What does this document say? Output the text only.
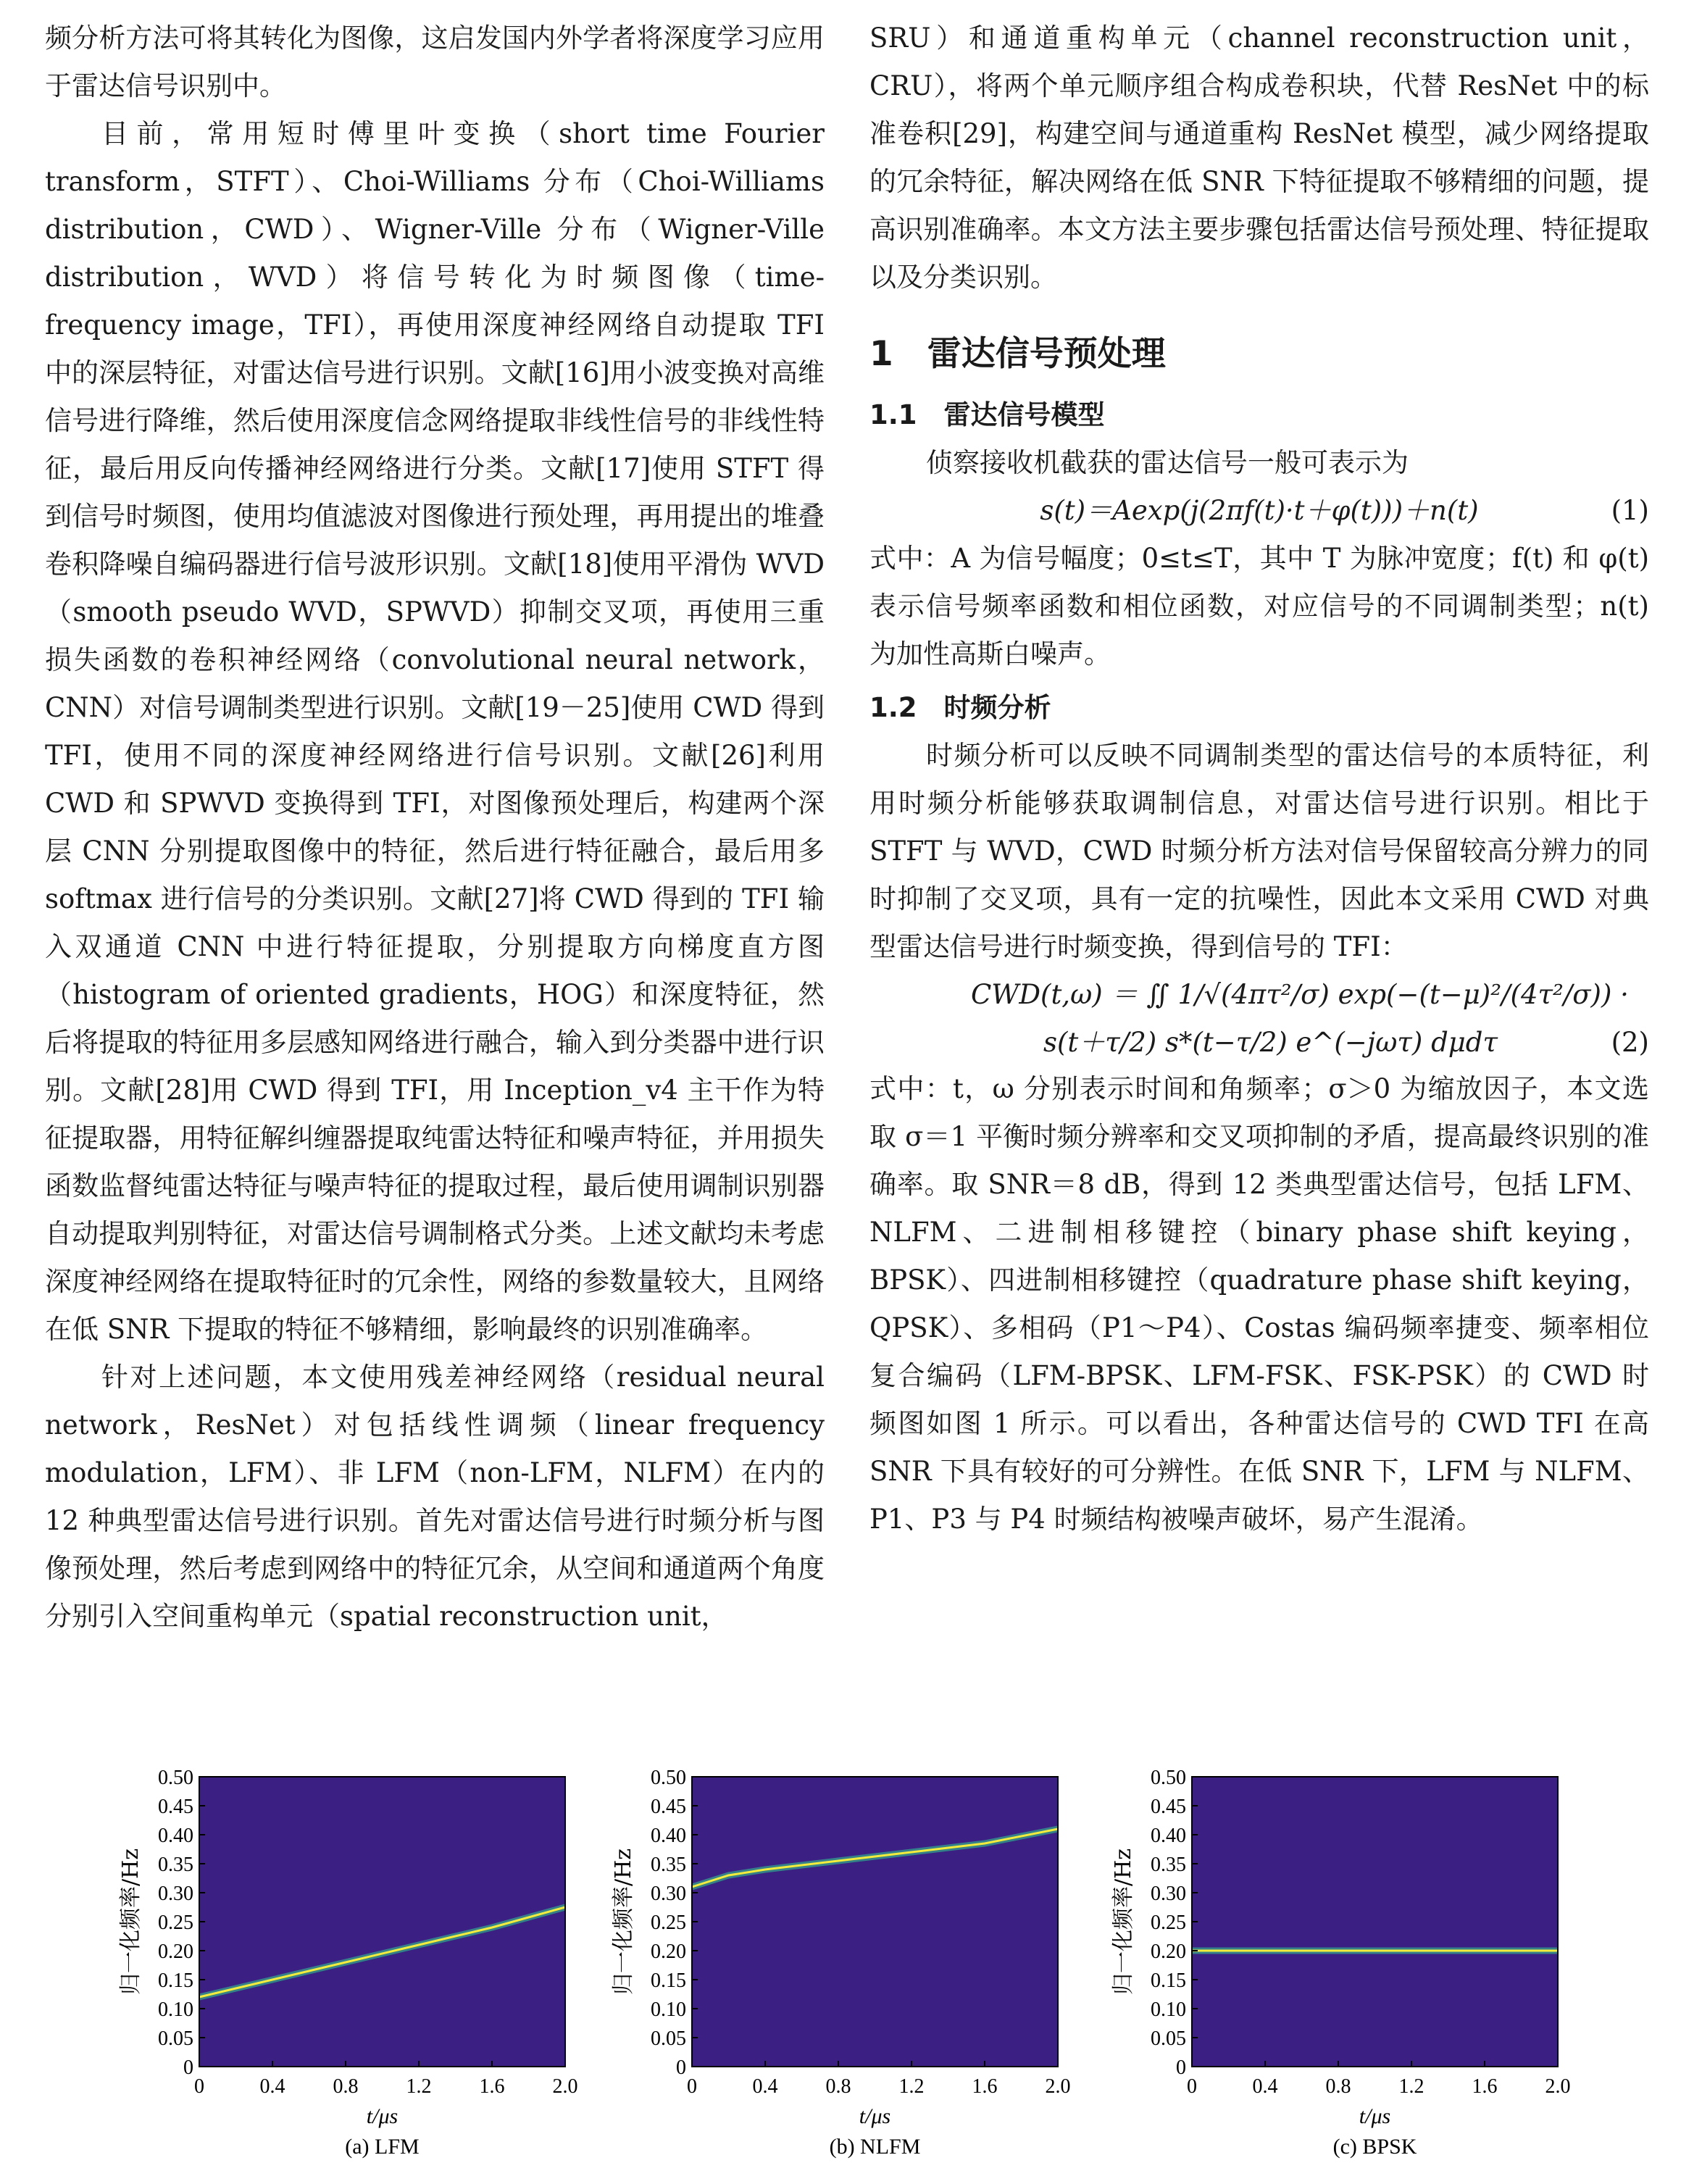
频分析方法可将其转化为图像，这启发国内外学者将深度学习应用于雷达信号识别中。

目前，常用短时傅里叶变换（short time Fourier transform，STFT）、Choi-Williams 分布（Choi-Williams distribution，CWD）、Wigner-Ville 分布（Wigner-Ville distribution，WVD）将信号转化为时频图像（time-frequency image，TFI），再使用深度神经网络自动提取 TFI 中的深层特征，对雷达信号进行识别。文献[16]用小波变换对高维信号进行降维，然后使用深度信念网络提取非线性信号的非线性特征，最后用反向传播神经网络进行分类。文献[17]使用 STFT 得到信号时频图，使用均值滤波对图像进行预处理，再用提出的堆叠卷积降噪自编码器进行信号波形识别。文献[18]使用平滑伪 WVD（smooth pseudo WVD，SPWVD）抑制交叉项，再使用三重损失函数的卷积神经网络（convolutional neural network，CNN）对信号调制类型进行识别。文献[19－25]使用 CWD 得到 TFI，使用不同的深度神经网络进行信号识别。文献[26]利用 CWD 和 SPWVD 变换得到 TFI，对图像预处理后，构建两个深层 CNN 分别提取图像中的特征，然后进行特征融合，最后用多 softmax 进行信号的分类识别。文献[27]将 CWD 得到的 TFI 输入双通道 CNN 中进行特征提取，分别提取方向梯度直方图（histogram of oriented gradients，HOG）和深度特征，然后将提取的特征用多层感知网络进行融合，输入到分类器中进行识别。文献[28]用 CWD 得到 TFI，用 Inception_v4 主干作为特征提取器，用特征解纠缠器提取纯雷达特征和噪声特征，并用损失函数监督纯雷达特征与噪声特征的提取过程，最后使用调制识别器自动提取判别特征，对雷达信号调制格式分类。上述文献均未考虑深度神经网络在提取特征时的冗余性，网络的参数量较大，且网络在低 SNR 下提取的特征不够精细，影响最终的识别准确率。

针对上述问题，本文使用残差神经网络（residual neural network，ResNet）对包括线性调频（linear frequency modulation，LFM）、非 LFM（non-LFM，NLFM）在内的 12 种典型雷达信号进行识别。首先对雷达信号进行时频分析与图像预处理，然后考虑到网络中的特征冗余，从空间和通道两个角度分别引入空间重构单元（spatial reconstruction unit，

SRU）和通道重构单元（channel reconstruction unit，CRU），将两个单元顺序组合构成卷积块，代替 ResNet 中的标准卷积[29]，构建空间与通道重构 ResNet 模型，减少网络提取的冗余特征，解决网络在低 SNR 下特征提取不够精细的问题，提高识别准确率。本文方法主要步骤包括雷达信号预处理、特征提取以及分类识别。

1　雷达信号预处理
1.1　雷达信号模型

侦察接收机截获的雷达信号一般可表示为

s(t)＝Aexp(j(2πf(t)·t＋φ(t)))＋n(t)	(1)

式中：A 为信号幅度；0≤t≤T，其中 T 为脉冲宽度；f(t) 和 φ(t) 表示信号频率函数和相位函数，对应信号的不同调制类型；n(t) 为加性高斯白噪声。

1.2　时频分析

时频分析可以反映不同调制类型的雷达信号的本质特征，利用时频分析能够获取调制信息，对雷达信号进行识别。相比于 STFT 与 WVD，CWD 时频分析方法对信号保留较高分辨力的同时抑制了交叉项，具有一定的抗噪性，因此本文采用 CWD 对典型雷达信号进行时频变换，得到信号的 TFI：

CWD(t,ω) ＝ ∬ 1/√(4πτ²/σ) exp(−(t−μ)²/(4τ²/σ)) ·
s(t＋τ/2) s*(t−τ/2) e^(−jωτ) dμdτ	(2)

式中：t，ω 分别表示时间和角频率；σ＞0 为缩放因子，本文选取 σ＝1 平衡时频分辨率和交叉项抑制的矛盾，提高最终识别的准确率。取 SNR＝8 dB，得到 12 类典型雷达信号，包括 LFM、NLFM、二进制相移键控（binary phase shift keying，BPSK）、四进制相移键控（quadrature phase shift keying，QPSK）、多相码（P1～P4）、Costas 编码频率捷变、频率相位复合编码（LFM-BPSK、LFM-FSK、FSK-PSK）的 CWD 时频图如图 1 所示。可以看出，各种雷达信号的 CWD TFI 在高 SNR 下具有较好的可分辨性。在低 SNR 下，LFM 与 NLFM、P1、P3 与 P4 时频结构被噪声破坏，易产生混淆。

0
0.05
0.10
0.15
0.20
0.25
0.30
0.35
0.40
0.45
0.50
0	0.4 0.8 1.2 1.6 2.0
t/μs
归一化频率/Hz
(a) LFM
0
0.05
0.10
0.15
0.20
0.25
0.30
0.35
0.40
0.45
0.50
0	0.4 0.8 1.2 1.6 2.0
t/μs
归一化频率/Hz
(b) NLFM
0
0.05
0.10
0.15
0.20
0.25
0.30
0.35
0.40
0.45
0.50
0	0.4 0.8 1.2 1.6 2.0
t/μs
归一化频率/Hz
(c) BPSK
